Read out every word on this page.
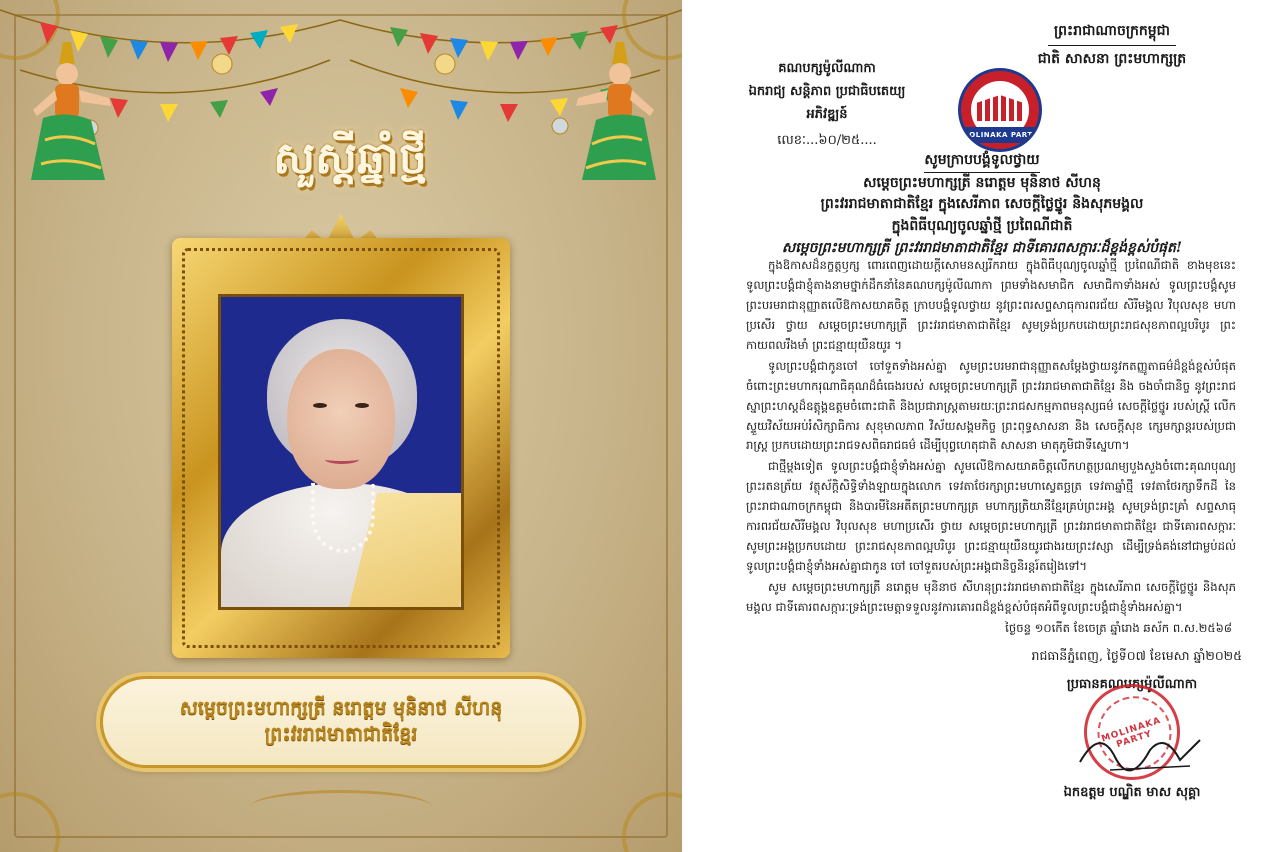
សួស្តីឆ្នាំថ្មី
សម្តេចព្រះមហាក្សត្រី នរោត្តម មុនិនាថ សីហនុ
ព្រះវររាជមាតាជាតិខ្មែរ
ព្រះរាជាណាចក្រកម្ពុជា
ជាតិ សាសនា ព្រះមហាក្សត្រ
គណបក្សម៉ូលីណាកា
ឯករាជ្យ សន្តិភាព ប្រជាធិបតេយ្យ
អភិវឌ្ឍន៍
លេខៈ...៦០/២៥....	MOLINAKA PARTY
សូមក្រាបបង្គំទូលថ្វាយ
សម្តេចព្រះមហាក្សត្រី នរោត្តម មុនិនាថ សីហនុ
ព្រះវររាជមាតាជាតិខ្មែរ ក្នុងសេរីភាព សេចក្តីថ្លៃថ្នូរ និងសុភមង្គល
ក្នុងពិធីបុណ្យចូលឆ្នាំថ្មី ប្រពៃណីជាតិ
សម្តេចព្រះមហាក្សត្រី ព្រះវររាជមាតាជាតិខ្មែរ ជាទីគោរពសក្ការៈដ៏ខ្ពង់ខ្ពស់បំផុត!

ក្នុងឱកាសដ៏នក្ខត្តឫក្ស ពោរពេញដោយក្តីសោមនស្សរីករាយ ក្នុងពិធីបុណ្យចូលឆ្នាំថ្មី ប្រពៃណីជាតិ ខាងមុខនេះ ទូលព្រះបង្គំជាខ្ញុំតាងនាមថ្នាក់ដឹកនាំនៃគណបក្សម៉ូលីណាកា ព្រមទាំងសមាជិក សមាជិកាទាំងអស់ ទូលព្រះបង្គំសូមព្រះបរមរាជានុញ្ញាតលើឱកាសយាគចិត្ត ក្រាបបង្គំទូលថ្វាយ នូវព្រះពរសព្ទសាធុការពរជ័យ សិរីមង្គល វិបុលសុខ មហាប្រសើរ ថ្វាយ សម្តេចព្រះមហាក្សត្រី ព្រះវររាជមាតាជាតិខ្មែរ សូមទ្រង់ប្រកបដោយព្រះរាជសុខភាពល្អបរិបូរ ព្រះកាយពលរឹងមាំ ព្រះជន្មាយុយឺនយូរ ។

ទូលព្រះបង្គំជាកូនចៅ ចៅទួតទាំងអស់គ្នា សូមព្រះបរមរាជានុញ្ញាតសម្តែងថ្វាយនូវកតញ្ញូតាធម៌ដ៏ខ្ពង់ខ្ពស់បំផុត ចំពោះព្រះមហាករុណាធិគុណដ៏ធំធេងរបស់ សម្តេចព្រះមហាក្សត្រី ព្រះវររាជមាតាជាតិខ្មែរ និង ចងចាំជានិច្ច នូវព្រះរាជស្នាព្រះហស្តដ៏ឧត្តុង្គឧត្តមចំពោះជាតិ និងប្រជារាស្ត្រតាមរយៈព្រះរាជសកម្មភាពមនុស្សធម៌ សេចក្តីថ្លៃថ្នូរ របស់ស្ត្រី លើកស្ទួយវិស័យអប់រំសិក្សាធិការ សុខុមាលភាព វិស័យសង្គមកិច្ច ព្រះពុទ្ធសាសនា និង សេចក្តីសុខ ក្សេមក្សាន្តរបស់ប្រជារាស្ត្រ ប្រកបដោយព្រះរាជទសពិធរាជធម៌ ដើម្បីបុព្វហេតុជាតិ សាសនា មាតុភូមិជាទីស្នេហា។

ជាថ្មីម្តងទៀត ទូលព្រះបង្គំជាខ្ញុំទាំងអស់គ្នា សូមលើឱកាសយាគចិត្តលើកហត្ថប្រណម្យបួងសួងចំពោះគុណបុណ្យ ព្រះរតនត្រ័យ វត្ថុស័ក្តិសិទ្ធិទាំងឡាយក្នុងលោក ទេវតាថែរក្សាព្រះមហាស្វេតច្ឆត្រ ទេវតាឆ្នាំថ្មី ទេវតាថែរក្សាទឹកដី នៃព្រះរាជាណាចក្រកម្ពុជា និងបារមីនៃអតីតព្រះមហាក្សត្រ មហាក្សត្រិយានីខ្មែរគ្រប់ព្រះអង្គ សូមទ្រង់ព្រះគ្រាំ សព្ទសាធុការពរជ័យសិរីមង្គល វិបុលសុខ មហាប្រសើរ ថ្វាយ សម្តេចព្រះមហាក្សត្រី ព្រះវររាជមាតាជាតិខ្មែរ ជាទីគោរពសក្ការៈ សូមព្រះអង្គប្រកបដោយ ព្រះរាជសុខភាពល្អបរិបូរ ព្រះជន្មាយុយឺនយូរជាងរយព្រះវស្សា ដើម្បីទ្រង់គង់នៅជាម្លប់ដល់ទូលព្រះបង្គំជាខ្ញុំទាំងអស់គ្នាជាកូន ចៅ ចៅទួតរបស់ព្រះអង្គជានិច្ចនិរន្តរ៍តរៀងទៅ។

សូម សម្តេចព្រះមហាក្សត្រី នរោត្តម មុនិនាថ សីហនុព្រះវររាជមាតាជាតិខ្មែរ ក្នុងសេរីភាព សេចក្តីថ្លៃថ្នូរ និងសុភមង្គល ជាទីគោរពសក្ការៈទ្រង់ព្រះមេត្តាទទួលនូវការគោរពដ៏ខ្ពង់ខ្ពស់បំផុតអំពីទូលព្រះបង្គំជាខ្ញុំទាំងអស់គ្នា។

ថ្ងៃចន្ទ ១០កើត ខែចេត្រ ឆ្នាំរោង ឆស័ក ព.ស.២៥៦៨

រាជធានីភ្នំពេញ, ថ្ងៃទី០៧ ខែមេសា ឆ្នាំ២០២៥
ប្រធានគណបក្សម៉ូលីណាកា
MOLINAKA PARTY
ឯកឧត្តម បណ្ឌិត មាស សុគ្គា
